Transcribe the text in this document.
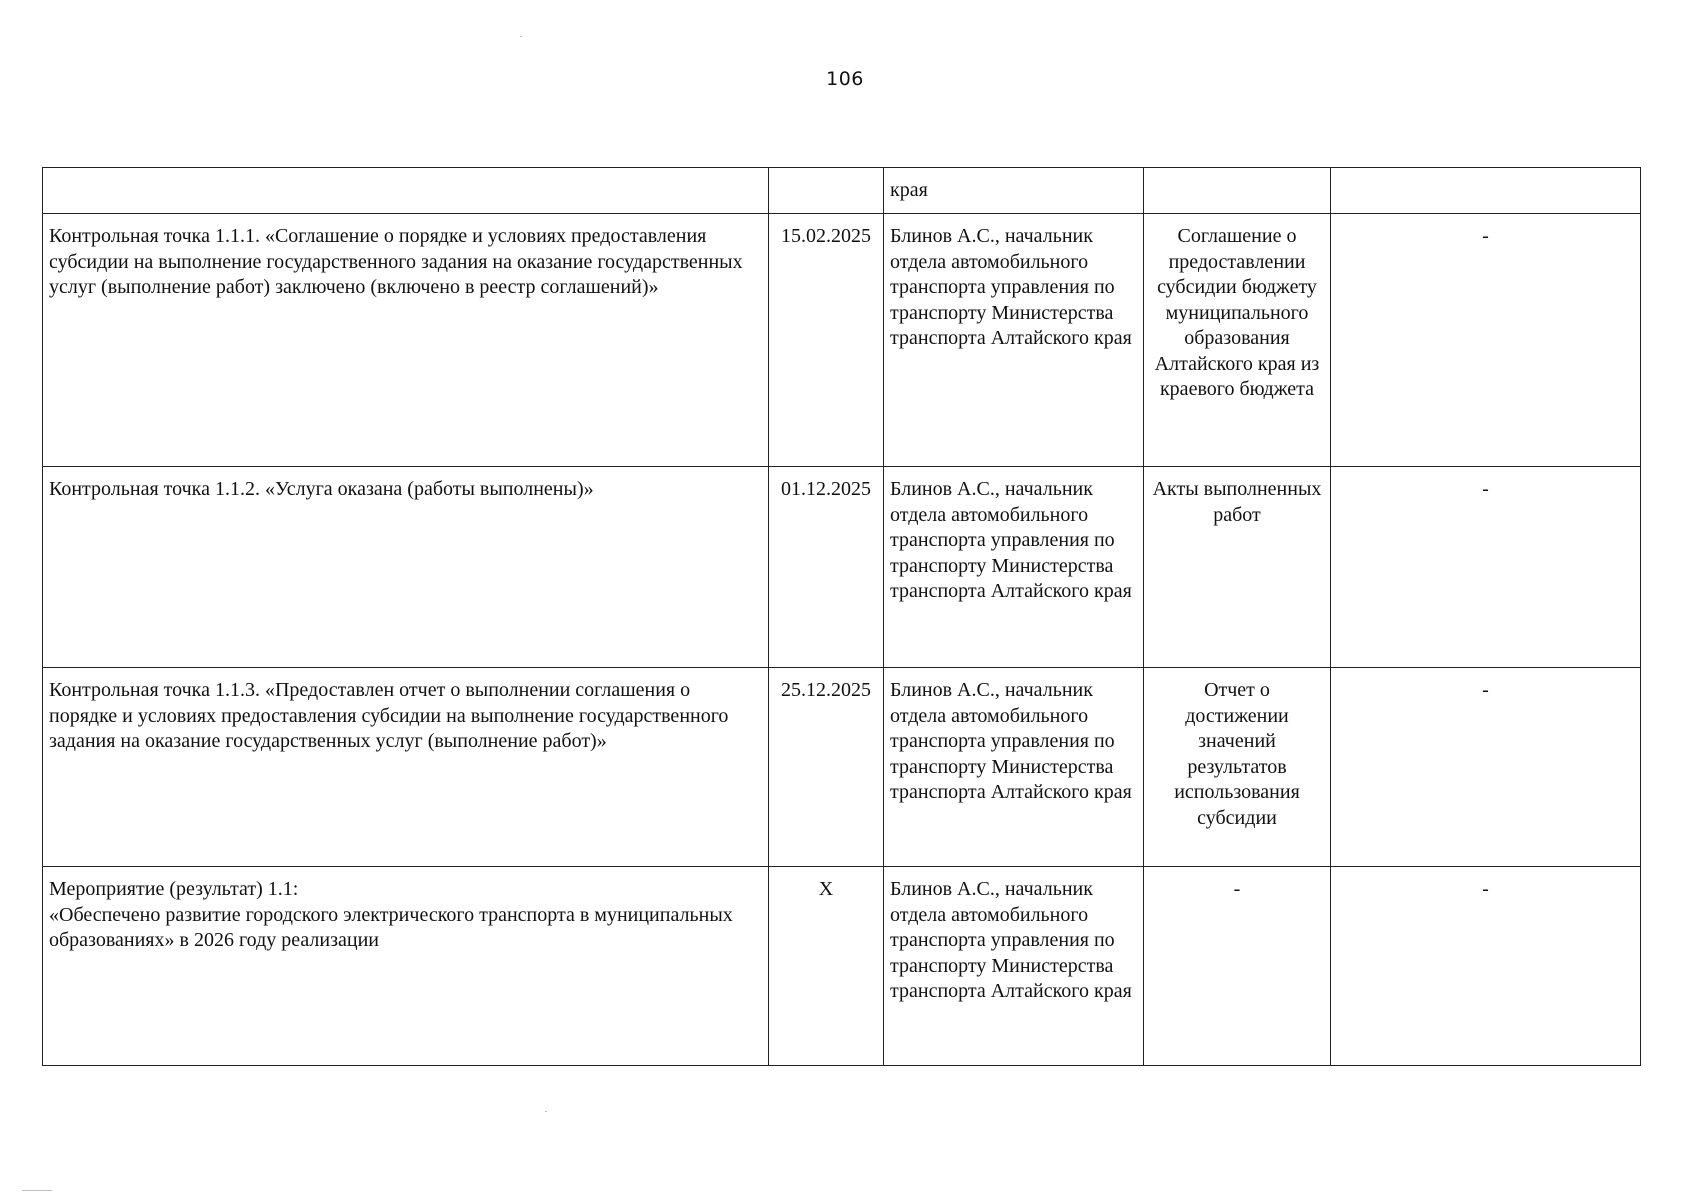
106
		края		
Контрольная точка 1.1.1. «Соглашение о порядке и условиях предоставления субсидии на выполнение государственного задания на оказание государственных услуг (выполнение работ) заключено (включено в реестр соглашений)»	15.02.2025	Блинов А.С., начальник отдела автомобильного транспорта управления по транспорту Министерства транспорта Алтайского края	Соглашение о предоставлении субсидии бюджету муниципального образования Алтайского края из краевого бюджета	-
Контрольная точка 1.1.2. «Услуга оказана (работы выполнены)»	01.12.2025	Блинов А.С., начальник отдела автомобильного транспорта управления по транспорту Министерства транспорта Алтайского края	Акты выполненных работ	-
Контрольная точка 1.1.3. «Предоставлен отчет о выполнении соглашения о порядке и условиях предоставления субсидии на выполнение государственного задания на оказание государственных услуг (выполнение работ)»	25.12.2025	Блинов А.С., начальник отдела автомобильного транспорта управления по транспорту Министерства транспорта Алтайского края	Отчет о достижении значений результатов использования субсидии	-

Мероприятие (результат) 1.1:
«Обеспечено развитие городского электрического транспорта в муниципальных образованиях» в 2026 году реализации	X	Блинов А.С., начальник отдела автомобильного транспорта управления по транспорту Министерства транспорта Алтайского края	-	-
